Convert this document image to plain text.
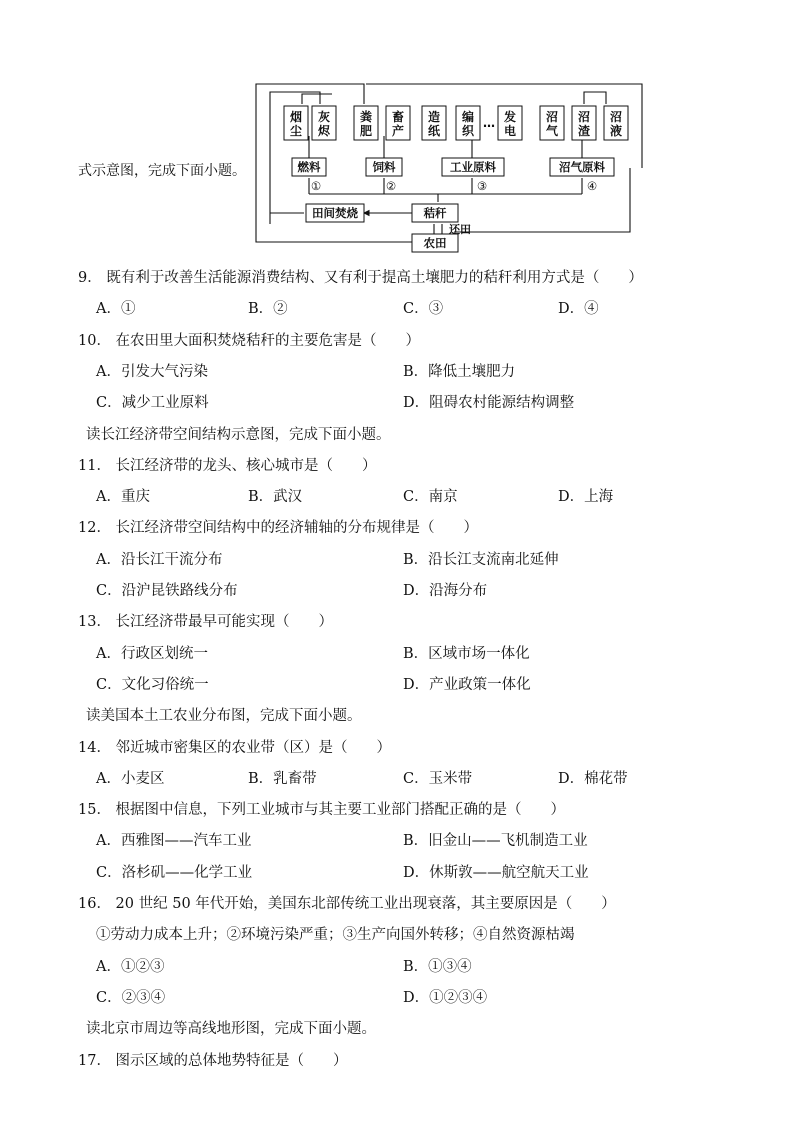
式示意图，完成下面小题。
烟
尘
灰
烬
粪
肥
畜
产
造
纸
编
织
… 发
电
沼
气
沼
渣
沼
液
燃料	饲料	工业原料	沼气原料
①	②	③	④
田间焚烧	秸秆
还田
农田
9． 既有利于改善生活能源消费结构、又有利于提高土壤肥力的秸秆利用方式是（　　）
A．①	B．②	C．③	D．④
10． 在农田里大面积焚烧秸秆的主要危害是（　　）
A．引发大气污染	B．降低土壤肥力
C．减少工业原料	D．阻碍农村能源结构调整
读长江经济带空间结构示意图，完成下面小题。
11． 长江经济带的龙头、核心城市是（　　）
A．重庆	B．武汉	C．南京	D．上海
12． 长江经济带空间结构中的经济辅轴的分布规律是（　　）
A．沿长江干流分布	B．沿长江支流南北延伸
C．沿沪昆铁路线分布	D．沿海分布
13． 长江经济带最早可能实现（　　）
A．行政区划统一	B．区域市场一体化
C．文化习俗统一	D．产业政策一体化
读美国本土工农业分布图，完成下面小题。
14． 邻近城市密集区的农业带（区）是（　　）
A．小麦区	B．乳畜带	C．玉米带	D．棉花带
15． 根据图中信息，下列工业城市与其主要工业部门搭配正确的是（　　）
A．西雅图——汽车工业	B．旧金山——飞机制造工业
C．洛杉矶——化学工业	D．休斯敦——航空航天工业
16． 20 世纪 50 年代开始，美国东北部传统工业出现衰落，其主要原因是（　　）
①劳动力成本上升；②环境污染严重；③生产向国外转移；④自然资源枯竭
A．①②③	B．①③④
C．②③④	D．①②③④
读北京市周边等高线地形图，完成下面小题。
17． 图示区域的总体地势特征是（　　）
